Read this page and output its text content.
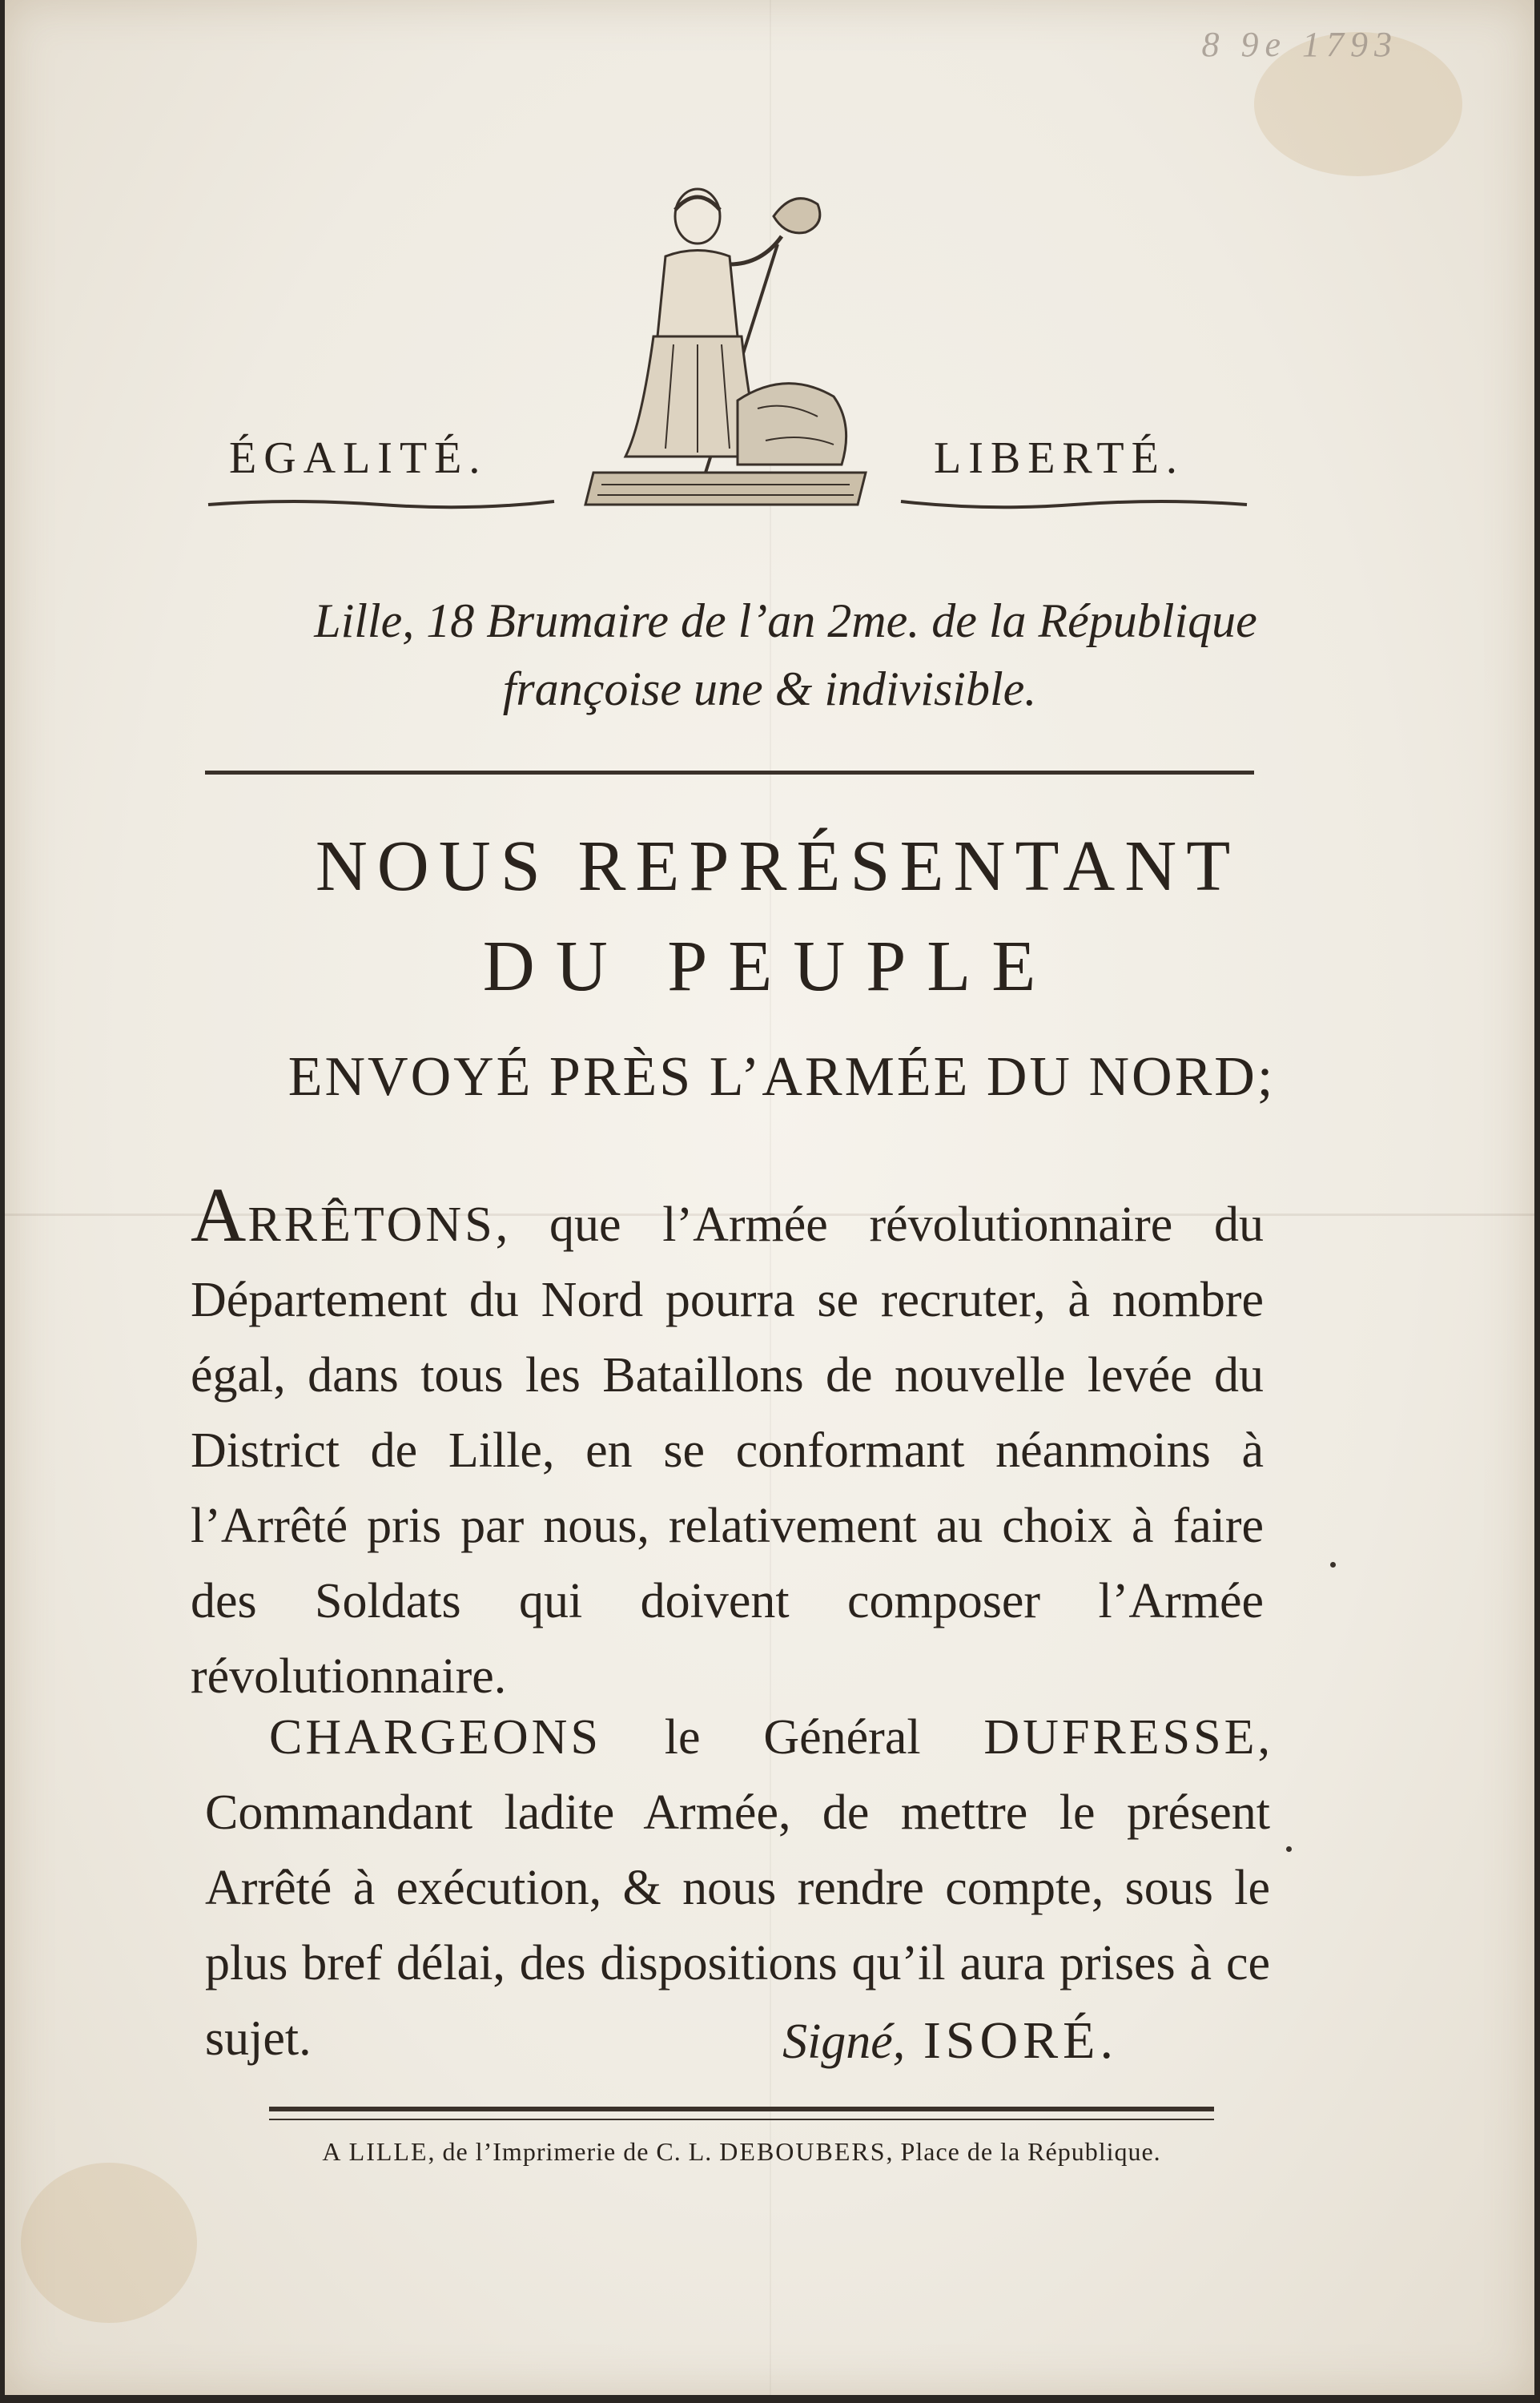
8 9e 1793
ÉGALITÉ.	LIBERTÉ.
Lille, 18 Brumaire de l’an 2me. de la République
françoise une & indivisible.
NOUS REPRÉSENTANT
DU PEUPLE
ENVOYÉ PRÈS L’ARMÉE DU NORD;

ARRÊTONS, que l’Armée révolutionnaire du Département du Nord pourra se recruter, à nombre égal, dans tous les Bataillons de nouvelle levée du District de Lille, en se conformant néanmoins à l’Arrêté pris par nous, relativement au choix à faire des Soldats qui doivent composer l’Armée révolutionnaire.

CHARGEONS le Général DUFRESSE, Commandant ladite Armée, de mettre le présent Arrêté à exécution, & nous rendre compte, sous le plus bref délai, des dispositions qu’il aura prises à ce sujet.	Signé, ISORÉ.
A LILLE, de l’Imprimerie de C. L. DEBOUBERS, Place de la République.
